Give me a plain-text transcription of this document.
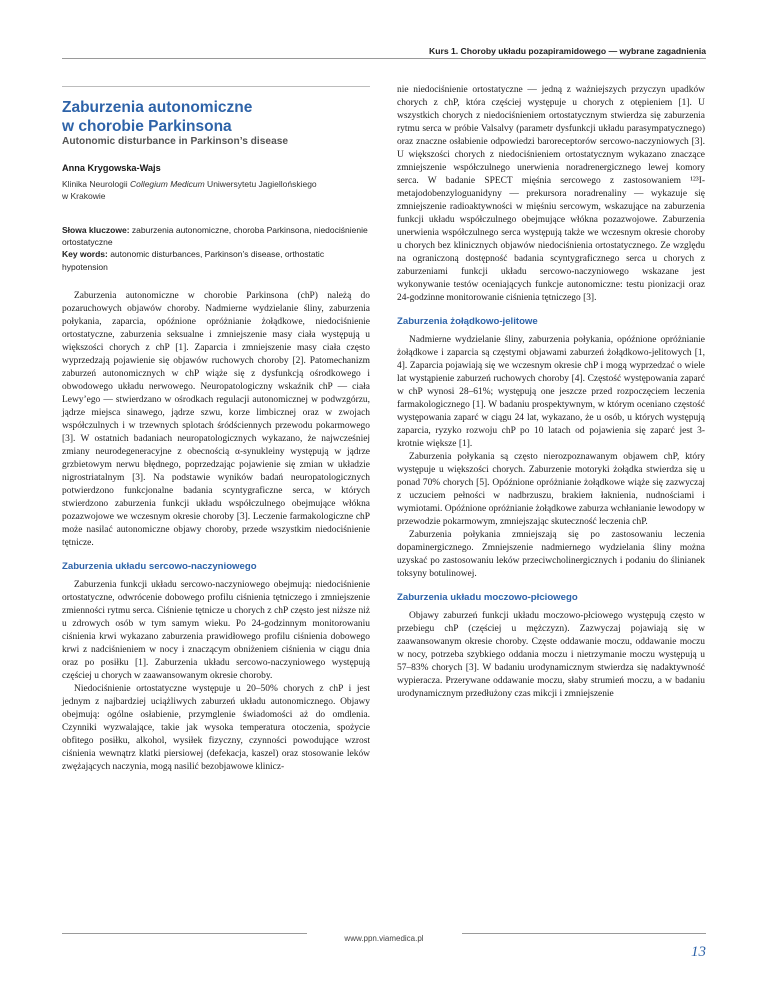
Kurs 1. Choroby układu pozapiramidowego — wybrane zagadnienia
Zaburzenia autonomiczne
w chorobie Parkinsona
Autonomic disturbance in Parkinson’s disease

Anna Krygowska-Wajs

Klinika Neurologii Collegium Medicum Uniwersytetu Jagiellońskiego
w Krakowie

Słowa kluczowe: zaburzenia autonomiczne, choroba Parkinsona, niedociśnienie ortostatyczne

Key words: autonomic disturbances, Parkinson’s disease, orthostatic hypotension

Zaburzenia autonomiczne w chorobie Parkinsona (chP) należą do pozaruchowych objawów choroby. Nadmierne wydzielanie śliny, zaburzenia połykania, zaparcia, opóźnione opróżnianie żołądkowe, niedociśnienie ortostatyczne, zaburzenia seksualne i zmniejszenie masy ciała występują u większości chorych z chP [1]. Zaparcia i zmniejszenie masy ciała często wyprzedzają pojawienie się objawów ruchowych choroby [2]. Patomechanizm zaburzeń autonomicznych w chP wiąże się z dysfunkcją ośrodkowego i obwodowego układu nerwowego. Neuropatologiczny wskaźnik chP — ciała Lewy’ego — stwierdzano w ośrodkach regulacji autonomicznej w podwzgórzu, jądrze miejsca sinawego, jądrze szwu, korze limbicznej oraz w zwojach współczulnych i w trzewnych splotach śródściennych przewodu pokarmowego [3]. W ostatnich badaniach neuropatologicznych wykazano, że najwcześniej zmiany neurodegeneracyjne z obecnością α-synukleiny występują w jądrze grzbietowym nerwu błędnego, poprzedzając pojawienie się zmian w układzie nigrostriatalnym [3]. Na podstawie wyników badań neuropatologicznych potwierdzono funkcjonalne badania scyntygraficzne serca, w których stwierdzono zaburzenia funkcji układu współczulnego obejmujące włókna pozazwojowe we wczesnym okresie choroby [3]. Leczenie farmakologiczne chP może nasilać autonomiczne objawy choroby, przede wszystkim niedociśnienie tętnicze.

Zaburzenia układu sercowo-naczyniowego

Zaburzenia funkcji układu sercowo-naczyniowego obejmują: niedociśnienie ortostatyczne, odwrócenie dobowego profilu ciśnienia tętniczego i zmniejszenie zmienności rytmu serca. Ciśnienie tętnicze u chorych z chP często jest niższe niż u zdrowych osób w tym samym wieku. Po 24-godzinnym monitorowaniu ciśnienia krwi wykazano zaburzenia prawidłowego profilu ciśnienia dobowego krwi z nadciśnieniem w nocy i znaczącym obniżeniem ciśnienia w ciągu dnia oraz po posiłku [1]. Zaburzenia układu sercowo-naczyniowego występują częściej u chorych w zaawansowanym okresie choroby.

Niedociśnienie ortostatyczne występuje u 20–50% chorych z chP i jest jednym z najbardziej uciążliwych zaburzeń układu autonomicznego. Objawy obejmują: ogólne osłabienie, przymglenie świadomości aż do omdlenia. Czynniki wyzwalające, takie jak wysoka temperatura otoczenia, spożycie obfitego posiłku, alkohol, wysiłek fizyczny, czynności powodujące wzrost ciśnienia wewnątrz klatki piersiowej (defekacja, kaszel) oraz stosowanie leków zwężających naczynia, mogą nasilić bezobjawowe klinicz-

nie niedociśnienie ortostatyczne — jedną z ważniejszych przyczyn upadków chorych z chP, która częściej występuje u chorych z otępieniem [1]. U wszystkich chorych z niedociśnieniem ortostatycznym stwierdza się zaburzenia rytmu serca w próbie Valsalvy (parametr dysfunkcji układu parasympatycznego) oraz znaczne osłabienie odpowiedzi baroreceptorów sercowo-naczyniowych [3]. U większości chorych z niedociśnieniem ortostatycznym wykazano znaczące zmniejszenie współczulnego unerwienia noradrenergicznego lewej komory serca. W badanie SPECT mięśnia sercowego z zastosowaniem ¹²³I-metajodobenzyloguanidyny — prekursora noradrenaliny — wykazuje się zmniejszenie radioaktywności w mięśniu sercowym, wskazujące na zaburzenia funkcji układu współczulnego obejmujące włókna pozazwojowe. Zaburzenia unerwienia współczulnego serca występują także we wczesnym okresie choroby u chorych bez klinicznych objawów niedociśnienia ortostatycznego. Ze względu na ograniczoną dostępność badania scyntygraficznego serca u chorych z zaburzeniami funkcji układu sercowo-naczyniowego wskazane jest wykonywanie testów oceniających funkcje autonomiczne: testu pionizacji oraz 24-godzinne monitorowanie ciśnienia tętniczego [3].

Zaburzenia żołądkowo-jelitowe

Nadmierne wydzielanie śliny, zaburzenia połykania, opóźnione opróżnianie żołądkowe i zaparcia są częstymi objawami zaburzeń żołądkowo-jelitowych [1, 4]. Zaparcia pojawiają się we wczesnym okresie chP i mogą wyprzedzać o wiele lat wystąpienie zaburzeń ruchowych choroby [4]. Częstość występowania zaparć w chP wynosi 28–61%; występują one jeszcze przed rozpoczęciem leczenia farmakologicznego [1]. W badaniu prospektywnym, w którym oceniano częstość występowania zaparć w ciągu 24 lat, wykazano, że u osób, u których występują zaparcia, ryzyko rozwoju chP po 10 latach od pojawienia się zaparć jest 3-krotnie większe [1].

Zaburzenia połykania są często nierozpoznawanym objawem chP, który występuje u większości chorych. Zaburzenie motoryki żołądka stwierdza się u ponad 70% chorych [5]. Opóźnione opróżnianie żołądkowe wiąże się zazwyczaj z uczuciem pełności w nadbrzuszu, brakiem łaknienia, nudnościami i wymiotami. Opóźnione opróżnianie żołądkowe zaburza wchłanianie lewodopy w przewodzie pokarmowym, zmniejszając skuteczność leczenia chP.

Zaburzenia połykania zmniejszają się po zastosowaniu leczenia dopaminergicznego. Zmniejszenie nadmiernego wydzielania śliny można uzyskać po zastosowaniu leków przeciwcholinergicznych i podaniu do ślinianek toksyny botulinowej.

Zaburzenia układu moczowo-płciowego

Objawy zaburzeń funkcji układu moczowo-płciowego występują często w przebiegu chP (częściej u mężczyzn). Zazwyczaj pojawiają się w zaawansowanym okresie choroby. Częste oddawanie moczu, oddawanie moczu w nocy, potrzeba szybkiego oddania moczu i nietrzymanie moczu występują u 57–83% chorych [3]. W badaniu urodynamicznym stwierdza się nadaktywność wypieracza. Przerywane oddawanie moczu, słaby strumień moczu, a w badaniu urodynamicznym przedłużony czas mikcji i zmniejszenie

www.ppn.viamedica.pl
13
